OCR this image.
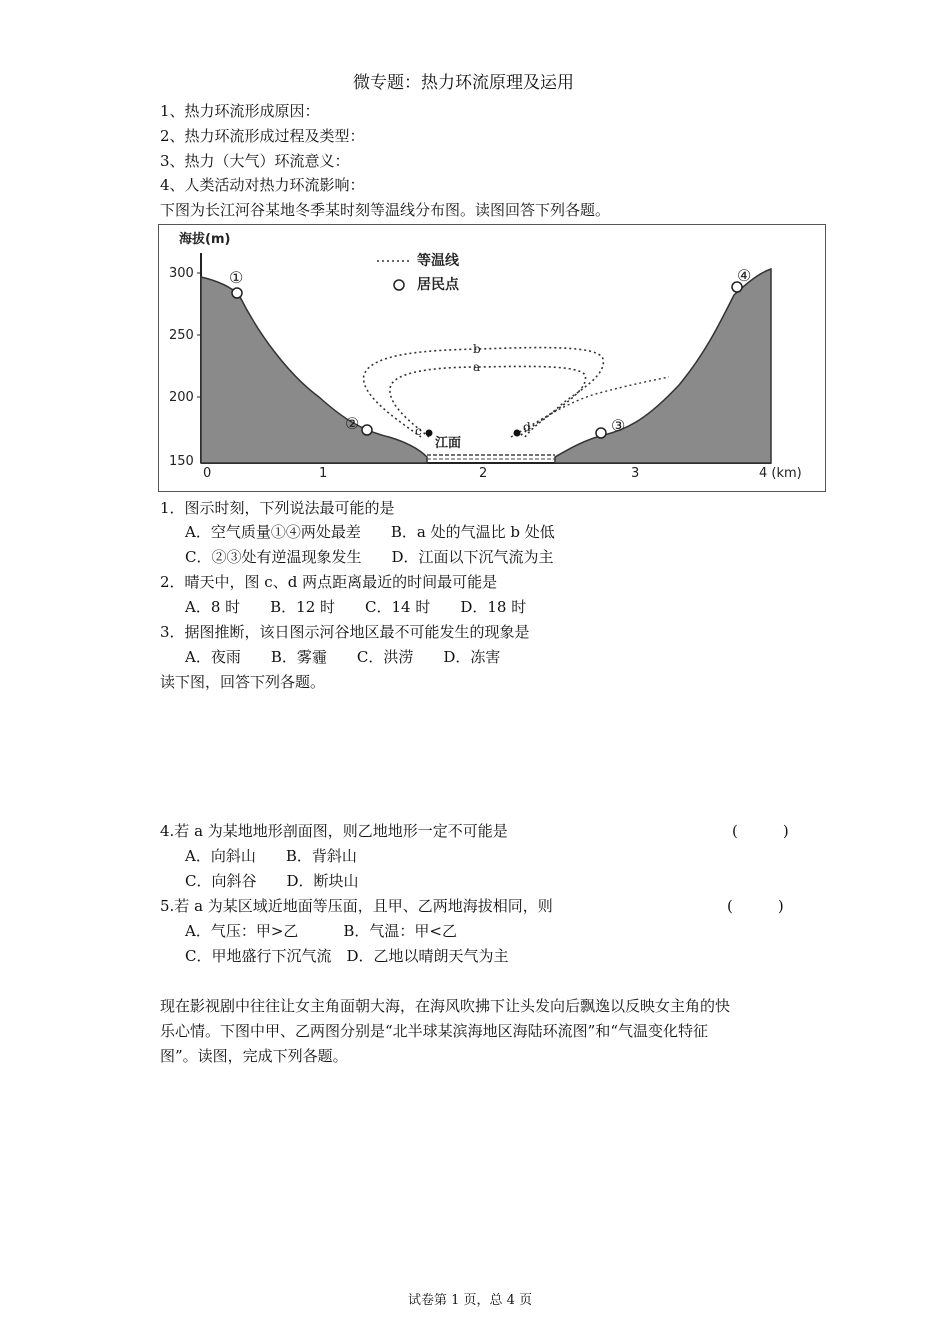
微专题：热力环流原理及运用
1、热力环流形成原因：
2、热力环流形成过程及类型：
3、热力（大气）环流意义：
4、人类活动对热力环流影响：
下图为长江河谷某地冬季某时刻等温线分布图。读图回答下列各题。
海拔(m)
300
250
200
150
0	1	2	3	4 (km)
江面
b
a
c	d
①
②	③
④
等温线
居民点
1．图示时刻，下列说法最可能的是
A．空气质量①④两处最差　　B．a 处的气温比 b 处低
C．②③处有逆温现象发生　　D．江面以下沉气流为主
2．晴天中，图 c、d 两点距离最近的时间最可能是
A．8 时　　B．12 时　　C．14 时　　D．18 时
3．据图推断，该日图示河谷地区最不可能发生的现象是
A．夜雨　　B．雾霾　　C．洪涝　　D．冻害
读下图，回答下列各题。
4.若 a 为某地地形剖面图，则乙地地形一定不可能是	(　　　)
A．向斜山　　B．背斜山
C．向斜谷　　D．断块山
5.若 a 为某区域近地面等压面，且甲、乙两地海拔相同，则	(　　　)
A．气压：甲>乙　　　B．气温：甲<乙
C．甲地盛行下沉气流　D．乙地以晴朗天气为主
现在影视剧中往往让女主角面朝大海，在海风吹拂下让头发向后飘逸以反映女主角的快
乐心情。下图中甲、乙两图分别是“北半球某滨海地区海陆环流图”和“气温变化特征
图”。读图，完成下列各题。
试卷第 1 页，总 4 页
